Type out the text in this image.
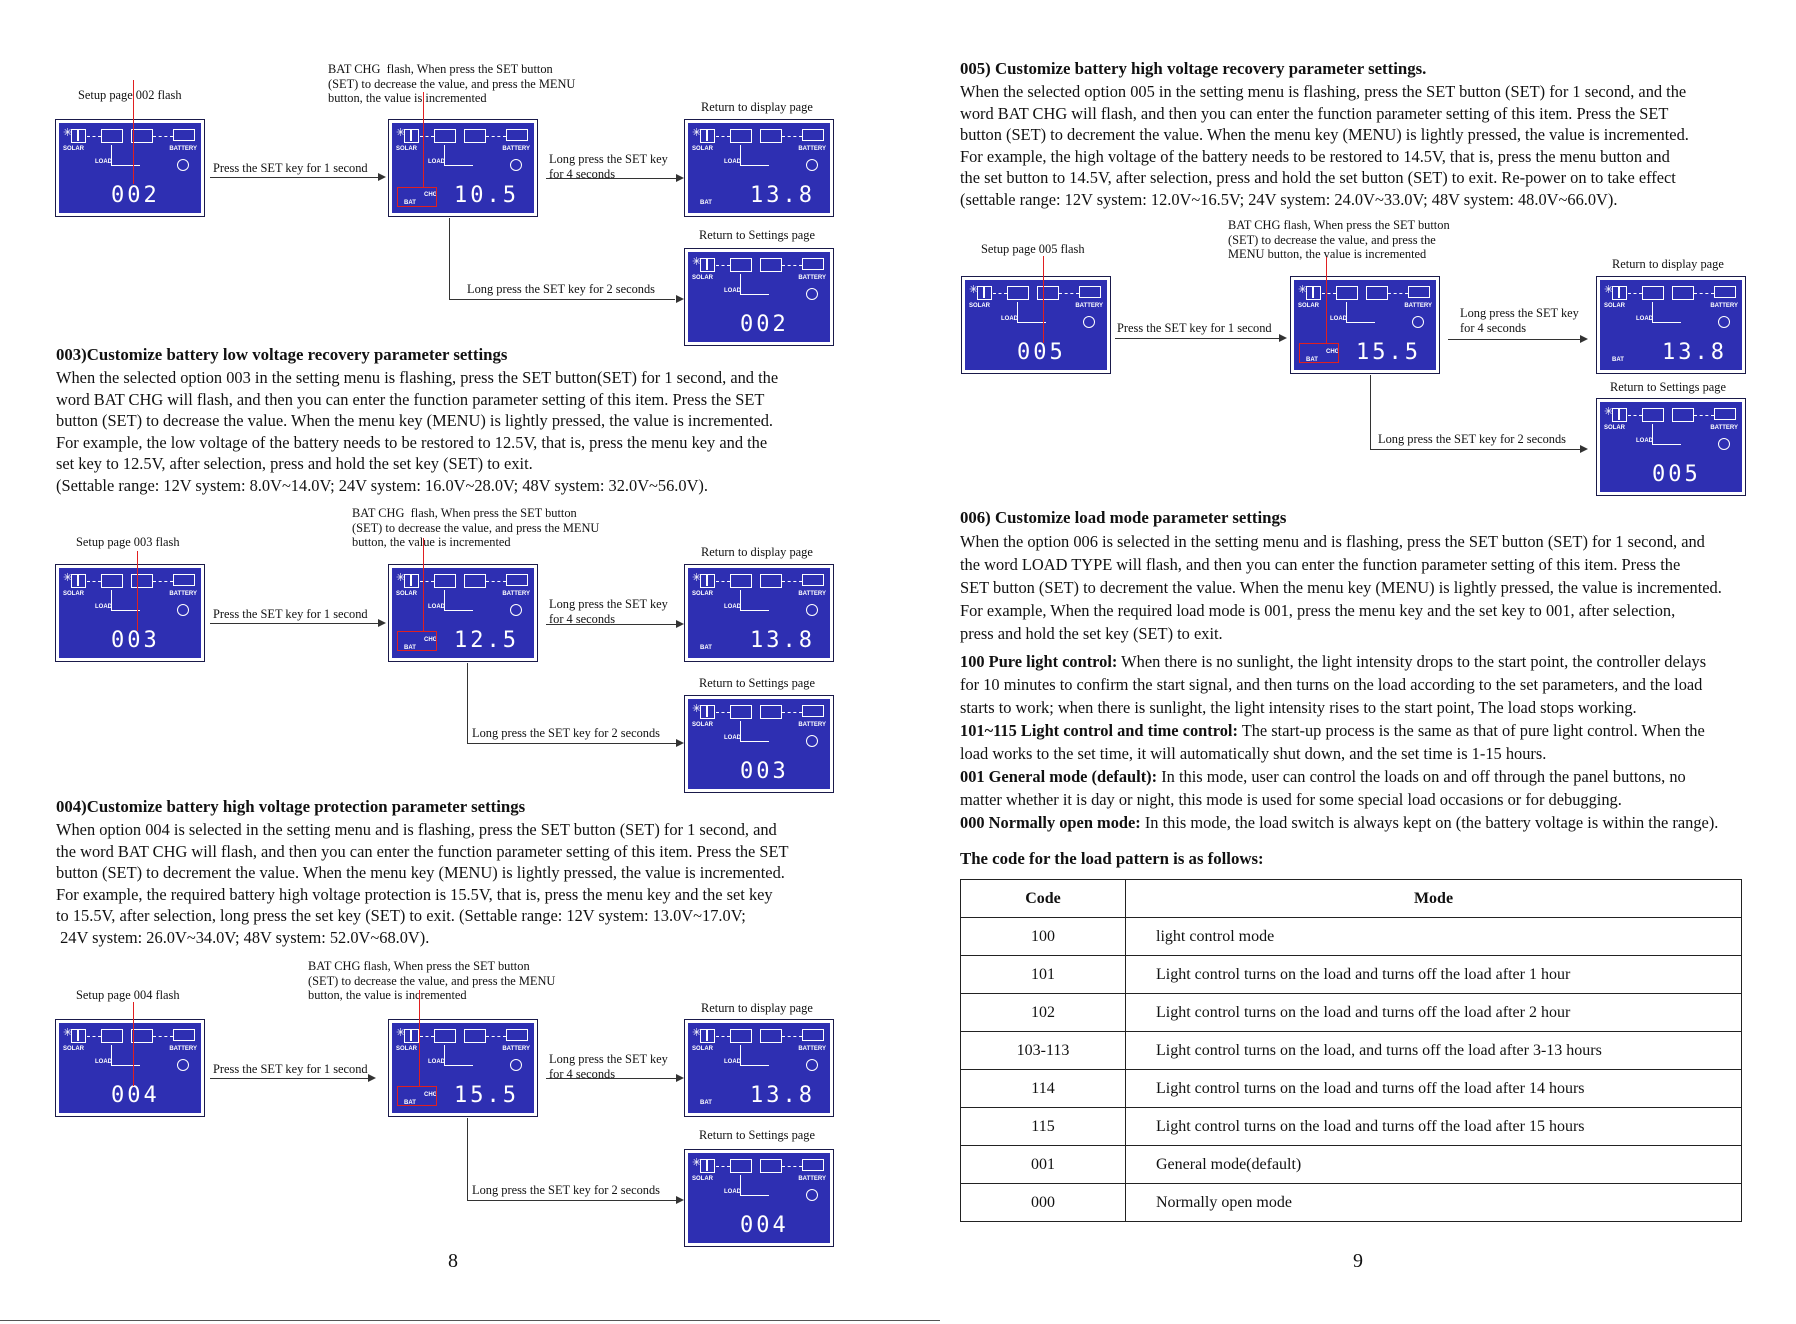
Setup page 002 flash
BAT CHG  flash, When press the SET button
(SET) to decrease the value, and press the MENU
button, the value is incremented
✳
SOLAR	BATTERY
LOAD
002
Press the SET key for 1 second
✳
SOLAR	BATTERY
LOAD
CHG
BAT 10.5
Long press the SET key
for 4 seconds
Return to display page
✳
SOLAR	BATTERY
LOAD
BAT 13.8
Long press the SET key for 2 seconds
Return to Settings page
✳
SOLAR	BATTERY
LOAD
002
003)Customize battery low voltage recovery parameter settings
When the selected option 003 in the setting menu is flashing, press the SET button(SET) for 1 second, and the
word BAT CHG will flash, and then you can enter the function parameter setting of this item. Press the SET
button (SET) to decrease the value. When the menu key (MENU) is lightly pressed, the value is incremented.
For example, the low voltage of the battery needs to be restored to 12.5V, that is, press the menu key and the
set key to 12.5V, after selection, press and hold the set key (SET) to exit.
(Settable range: 12V system: 8.0V~14.0V; 24V system: 16.0V~28.0V; 48V system: 32.0V~56.0V).
Setup page 003 flash
BAT CHG  flash, When press the SET button
(SET) to decrease the value, and press the MENU
button, the value is incremented
✳
SOLAR	BATTERY
LOAD
003
Press the SET key for 1 second
✳
SOLAR	BATTERY
LOAD
CHG
BAT 12.5
Long press the SET key
for 4 seconds
Return to display page
✳
SOLAR	BATTERY
LOAD
BAT 13.8
Long press the SET key for 2 seconds
Return to Settings page
✳
SOLAR	BATTERY
LOAD
003
004)Customize battery high voltage protection parameter settings
When option 004 is selected in the setting menu and is flashing, press the SET button (SET) for 1 second, and
the word BAT CHG will flash, and then you can enter the function parameter setting of this item. Press the SET
button (SET) to decrement the value. When the menu key (MENU) is lightly pressed, the value is incremented.
For example, the required battery high voltage protection is 15.5V, that is, press the menu key and the set key
to 15.5V, after selection, long press the set key (SET) to exit. (Settable range: 12V system: 13.0V~17.0V;
24V system: 26.0V~34.0V; 48V system: 52.0V~68.0V).
Setup page 004 flash
BAT CHG flash, When press the SET button
(SET) to decrease the value, and press the MENU
button, the value is incremented
✳
SOLAR	BATTERY
LOAD
004
Press the SET key for 1 second
✳
SOLAR	BATTERY
LOAD
CHG
BAT 15.5
Long press the SET key
for 4 seconds
Return to display page
✳
SOLAR	BATTERY
LOAD
BAT 13.8
Long press the SET key for 2 seconds
Return to Settings page
✳
SOLAR	BATTERY
LOAD
004
8
005) Customize battery high voltage recovery parameter settings.
When the selected option 005 in the setting menu is flashing, press the SET button (SET) for 1 second, and the
word BAT CHG will flash, and then you can enter the function parameter setting of this item. Press the SET
button (SET) to decrement the value. When the menu key (MENU) is lightly pressed, the value is incremented.
For example, the high voltage of the battery needs to be restored to 14.5V, that is, press the menu button and
the set button to 14.5V, after selection, press and hold the set button (SET) to exit. Re-power on to take effect
(settable range: 12V system: 12.0V~16.5V; 24V system: 24.0V~33.0V; 48V system: 48.0V~66.0V).
Setup page 005 flash
BAT CHG flash, When press the SET button
(SET) to decrease the value, and press the
MENU button, the value is incremented
✳
SOLAR	BATTERY
LOAD
005
Press the SET key for 1 second
✳
SOLAR	BATTERY
LOAD
CHG
BAT 15.5
Long press the SET key
for 4 seconds
Return to display page
✳
SOLAR	BATTERY
LOAD
BAT 13.8
Long press the SET key for 2 seconds
Return to Settings page
✳
SOLAR	BATTERY
LOAD
005
006) Customize load mode parameter settings
When the option 006 is selected in the setting menu and is flashing, press the SET button (SET) for 1 second, and
the word LOAD TYPE will flash, and then you can enter the function parameter setting of this item. Press the
SET button (SET) to decrement the value. When the menu key (MENU) is lightly pressed, the value is incremented.
For example, When the required load mode is 001, press the menu key and the set key to 001, after selection,
press and hold the set key (SET) to exit.
100 Pure light control: When there is no sunlight, the light intensity drops to the start point, the controller delays
for 10 minutes to confirm the start signal, and then turns on the load according to the set parameters, and the load
starts to work; when there is sunlight, the light intensity rises to the start point, The load stops working.
101~115 Light control and time control: The start-up process is the same as that of pure light control. When the
load works to the set time, it will automatically shut down, and the set time is 1-15 hours.
001 General mode (default): In this mode, user can control the loads on and off through the panel buttons, no
matter whether it is day or night, this mode is used for some special load occasions or for debugging.
000 Normally open mode: In this mode, the load switch is always kept on (the battery voltage is within the range).
The code for the load pattern is as follows:
Code	Mode
100	light control mode
101	Light control turns on the load and turns off the load after 1 hour
102	Light control turns on the load and turns off the load after 2 hour
103-113	Light control turns on the load, and turns off the load after 3-13 hours
114	Light control turns on the load and turns off the load after 14 hours
115	Light control turns on the load and turns off the load after 15 hours
001	General mode(default)
000	Normally open mode
9
